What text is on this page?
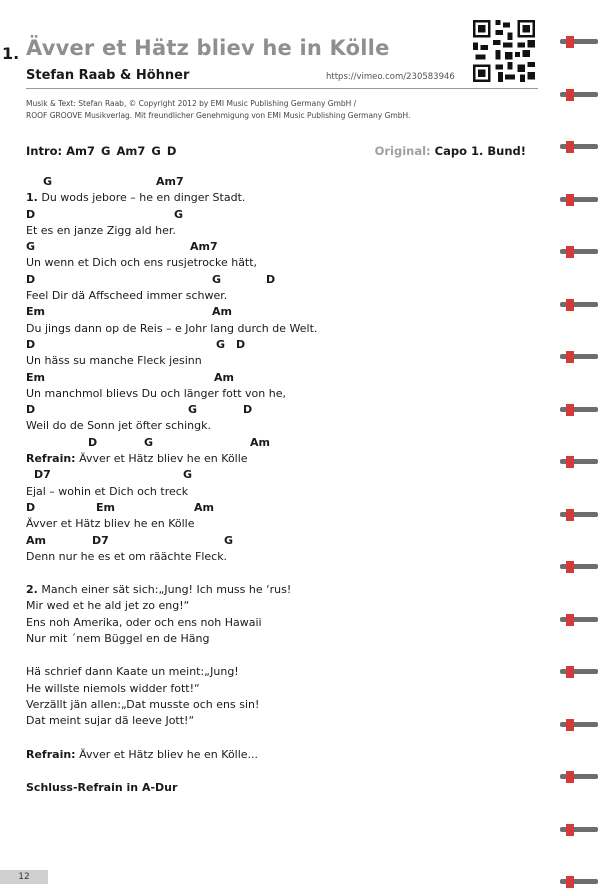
1. Ävver et Hätz bliev he in Kölle
Stefan Raab & Höhner	https://vimeo.com/230583946
Musik & Text: Stefan Raab, © Copyright 2012 by EMI Music Publishing Germany GmbH /
ROOF GROOVE Musikverlag. Mit freundlicher Genehmigung von EMI Music Publishing Germany GmbH.
Intro: Am7 G Am7 G D	Original: Capo 1. Bund!
G	Am7
1. Du wods jebore – he en dinger Stadt.
D	G
Et es en janze Zigg ald her.
G	Am7
Un wenn et Dich och ens rusjetrocke hätt,
D	G	D
Feel Dir dä Affscheed immer schwer.
Em	Am
Du jings dann op de Reis – e Johr lang durch de Welt.
D	G D
Un häss su manche Fleck jesinn
Em	Am
Un manchmol blievs Du och länger fott von he,
D	G	D
Weil do de Sonn jet öfter schingk.
D	G	Am
Refrain: Ävver et Hätz bliev he en Kölle
D7	G
Ejal – wohin et Dich och treck
D	Em	Am
Ävver et Hätz bliev he en Kölle
Am	D7	G
Denn nur he es et om räächte Fleck.
2. Manch einer sät sich:„Jung! Ich muss he ‘rus!
Mir wed et he ald jet zo eng!“
Ens noh Amerika, oder och ens noh Hawaii
Nur mit ´nem Büggel en de Häng
Hä schrief dann Kaate un meint:„Jung!
He willste niemols widder fott!“
Verzällt jän allen:„Dat musste och ens sin!
Dat meint sujar dä leeve Jott!“
Refrain: Ävver et Hätz bliev he en Kölle...
Schluss-Refrain in A-Dur
12
